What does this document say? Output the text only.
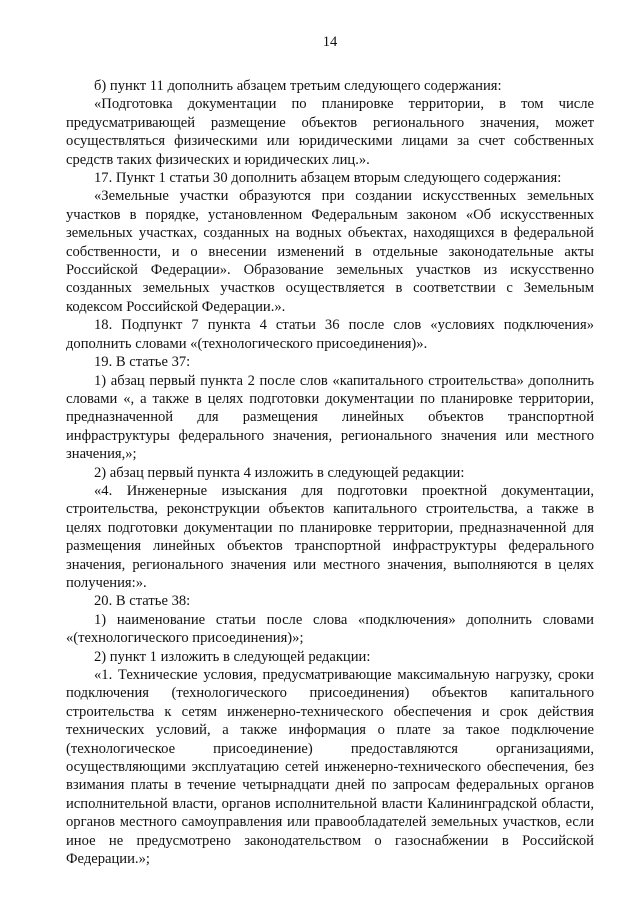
14

б) пункт 11 дополнить абзацем третьим следующего содержания:

«Подготовка документации по планировке территории, в том числе предусматривающей размещение объектов регионального значения, может осуществляться физическими или юридическими лицами за счет собственных средств таких физических и юридических лиц.».

17. Пункт 1 статьи 30 дополнить абзацем вторым следующего содержания:

«Земельные участки образуются при создании искусственных земельных участков в порядке, установленном Федеральным законом «Об искусственных земельных участках, созданных на водных объектах, находящихся в федеральной собственности, и о внесении изменений в отдельные законодательные акты Российской Федерации». Образование земельных участков из искусственно созданных земельных участков осуществляется в соответствии с Земельным кодексом Российской Федерации.».

18. Подпункт 7 пункта 4 статьи 36 после слов «условиях подключения» дополнить словами «(технологического присоединения)».

19. В статье 37:

1) абзац первый пункта 2 после слов «капитального строительства» дополнить словами «, а также в целях подготовки документации по планировке территории, предназначенной для размещения линейных объектов транспортной инфраструктуры федерального значения, регионального значения или местного значения,»;

2) абзац первый пункта 4 изложить в следующей редакции:

«4. Инженерные изыскания для подготовки проектной документации, строительства, реконструкции объектов капитального строительства, а также в целях подготовки документации по планировке территории, предназначенной для размещения линейных объектов транспортной инфраструктуры федерального значения, регионального значения или местного значения, выполняются в целях получения:».

20. В статье 38:

1) наименование статьи после слова «подключения» дополнить словами «(технологического присоединения)»;

2) пункт 1 изложить в следующей редакции:

«1. Технические условия, предусматривающие максимальную нагрузку, сроки подключения (технологического присоединения) объектов капитального строительства к сетям инженерно-технического обеспечения и срок действия технических условий, а также информация о плате за такое подключение (технологическое присоединение) предоставляются организациями, осуществляющими эксплуатацию сетей инженерно-технического обеспечения, без взимания платы в течение четырнадцати дней по запросам федеральных органов исполнительной власти, органов исполнительной власти Калининградской области, органов местного самоуправления или правообладателей земельных участков, если иное не предусмотрено законодательством о газоснабжении в Российской Федерации.»;
